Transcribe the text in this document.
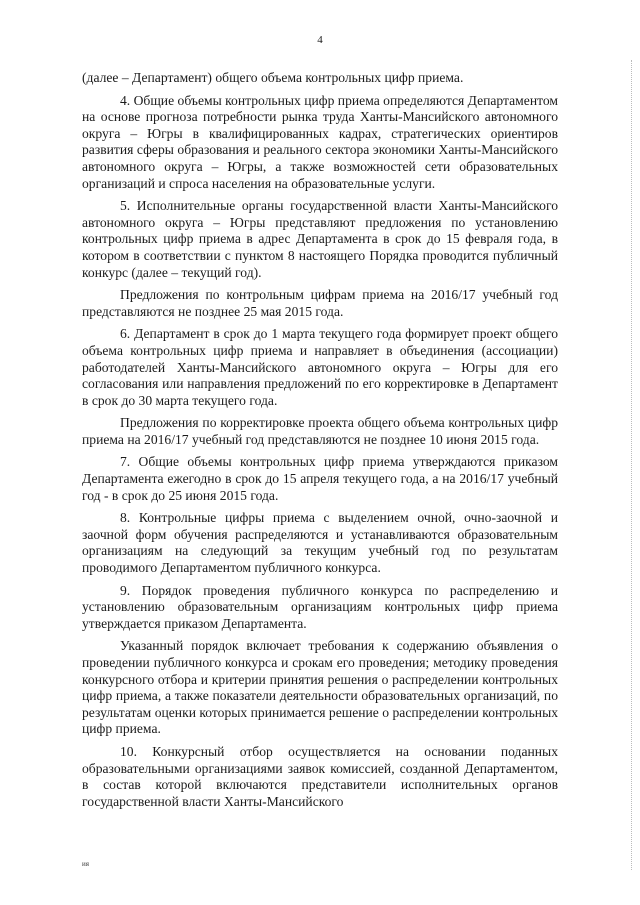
4

(далее – Департамент) общего объема контрольных цифр приема.

4. Общие объемы контрольных цифр приема определяются Департаментом на основе прогноза потребности рынка труда Ханты-Мансийского автономного округа – Югры в квалифицированных кадрах, стратегических ориентиров развития сферы образования и реального сектора экономики Ханты-Мансийского автономного округа – Югры, а также возможностей сети образовательных организаций и спроса населения на образовательные услуги.

5. Исполнительные органы государственной власти Ханты-Мансийского автономного округа – Югры представляют предложения по установлению контрольных цифр приема в адрес Департамента в срок до 15 февраля года, в котором в соответствии с пунктом 8 настоящего Порядка проводится публичный конкурс (далее – текущий год).

Предложения по контрольным цифрам приема на 2016/17 учебный год представляются не позднее 25 мая 2015 года.

6. Департамент в срок до 1 марта текущего года формирует проект общего объема контрольных цифр приема и направляет в объединения (ассоциации) работодателей Ханты-Мансийского автономного округа – Югры для его согласования или направления предложений по его корректировке в Департамент в срок до 30 марта текущего года.

Предложения по корректировке проекта общего объема контрольных цифр приема на 2016/17 учебный год представляются не позднее 10 июня 2015 года.

7. Общие объемы контрольных цифр приема утверждаются приказом Департамента ежегодно в срок до 15 апреля текущего года, а на 2016/17 учебный год - в срок до 25 июня 2015 года.

8. Контрольные цифры приема с выделением очной, очно-заочной и заочной форм обучения распределяются и устанавливаются образовательным организациям на следующий за текущим учебный год по результатам проводимого Департаментом публичного конкурса.

9. Порядок проведения публичного конкурса по распределению и установлению образовательным организациям контрольных цифр приема утверждается приказом Департамента.

Указанный порядок включает требования к содержанию объявления о проведении публичного конкурса и срокам его проведения; методику проведения конкурсного отбора и критерии принятия решения о распределении контрольных цифр приема, а также показатели деятельности образовательных организаций, по результатам оценки которых принимается решение о распределении контрольных цифр приема.

10. Конкурсный отбор осуществляется на основании поданных образовательными организациями заявок комиссией, созданной Департаментом, в состав которой включаются представители исполнительных органов государственной власти Ханты-Мансийского

ия
